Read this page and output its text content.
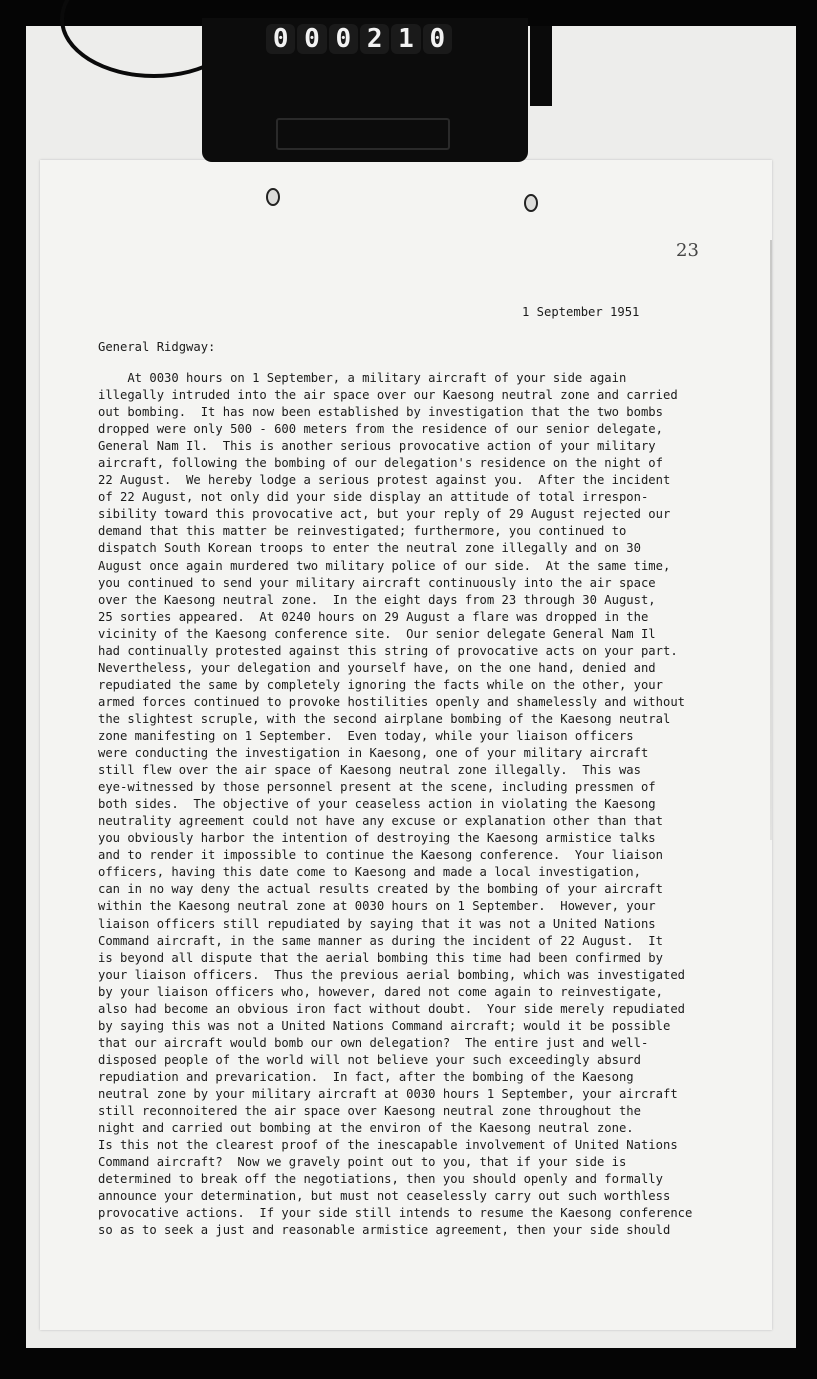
0 0 0 2 1 0
23
1 September 1951
General Ridgway:
At 0030 hours on 1 September, a military aircraft of your side again
illegally intruded into the air space over our Kaesong neutral zone and carried
out bombing.  It has now been established by investigation that the two bombs
dropped were only 500 - 600 meters from the residence of our senior delegate,
General Nam Il.  This is another serious provocative action of your military
aircraft, following the bombing of our delegation's residence on the night of
22 August.  We hereby lodge a serious protest against you.  After the incident
of 22 August, not only did your side display an attitude of total irrespon-
sibility toward this provocative act, but your reply of 29 August rejected our
demand that this matter be reinvestigated; furthermore, you continued to
dispatch South Korean troops to enter the neutral zone illegally and on 30
August once again murdered two military police of our side.  At the same time,
you continued to send your military aircraft continuously into the air space
over the Kaesong neutral zone.  In the eight days from 23 through 30 August,
25 sorties appeared.  At 0240 hours on 29 August a flare was dropped in the
vicinity of the Kaesong conference site.  Our senior delegate General Nam Il
had continually protested against this string of provocative acts on your part.
Nevertheless, your delegation and yourself have, on the one hand, denied and
repudiated the same by completely ignoring the facts while on the other, your
armed forces continued to provoke hostilities openly and shamelessly and without
the slightest scruple, with the second airplane bombing of the Kaesong neutral
zone manifesting on 1 September.  Even today, while your liaison officers
were conducting the investigation in Kaesong, one of your military aircraft
still flew over the air space of Kaesong neutral zone illegally.  This was
eye-witnessed by those personnel present at the scene, including pressmen of
both sides.  The objective of your ceaseless action in violating the Kaesong
neutrality agreement could not have any excuse or explanation other than that
you obviously harbor the intention of destroying the Kaesong armistice talks
and to render it impossible to continue the Kaesong conference.  Your liaison
officers, having this date come to Kaesong and made a local investigation,
can in no way deny the actual results created by the bombing of your aircraft
within the Kaesong neutral zone at 0030 hours on 1 September.  However, your
liaison officers still repudiated by saying that it was not a United Nations
Command aircraft, in the same manner as during the incident of 22 August.  It
is beyond all dispute that the aerial bombing this time had been confirmed by
your liaison officers.  Thus the previous aerial bombing, which was investigated
by your liaison officers who, however, dared not come again to reinvestigate,
also had become an obvious iron fact without doubt.  Your side merely repudiated
by saying this was not a United Nations Command aircraft; would it be possible
that our aircraft would bomb our own delegation?  The entire just and well-
disposed people of the world will not believe your such exceedingly absurd
repudiation and prevarication.  In fact, after the bombing of the Kaesong
neutral zone by your military aircraft at 0030 hours 1 September, your aircraft
still reconnoitered the air space over Kaesong neutral zone throughout the
night and carried out bombing at the environ of the Kaesong neutral zone.
Is this not the clearest proof of the inescapable involvement of United Nations
Command aircraft?  Now we gravely point out to you, that if your side is
determined to break off the negotiations, then you should openly and formally
announce your determination, but must not ceaselessly carry out such worthless
provocative actions.  If your side still intends to resume the Kaesong conference
so as to seek a just and reasonable armistice agreement, then your side should
